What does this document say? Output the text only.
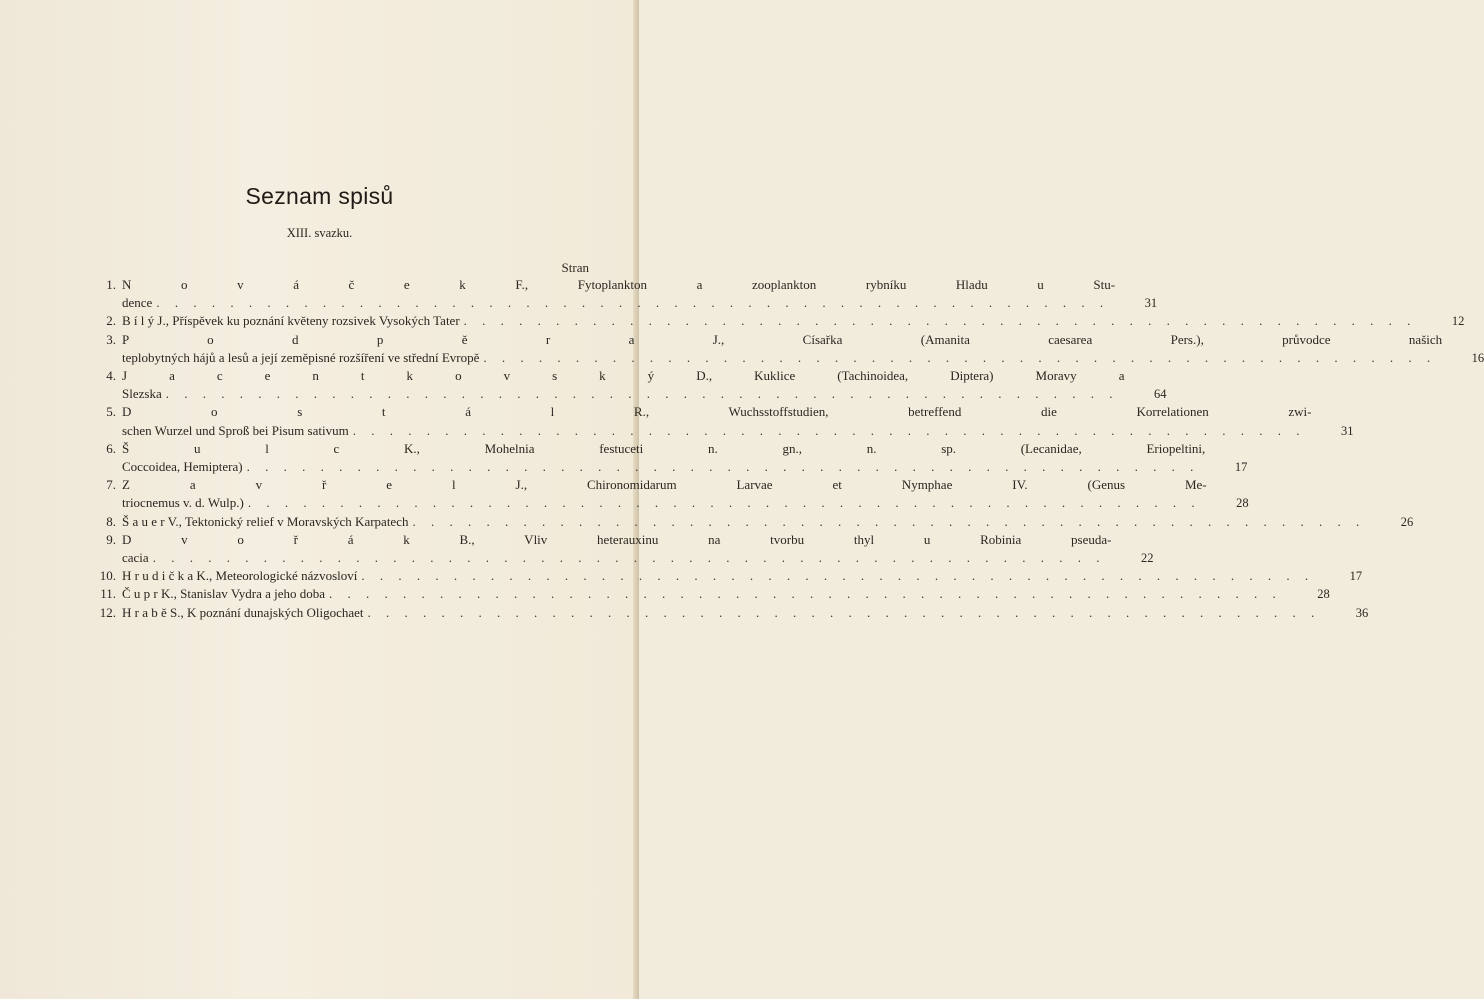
Seznam spisů
XIII. svazku.
Stran
1. N o v á č e k	F., Fytoplankton a zooplankton rybníku Hladu u Stu-
dence . . . . . . . . . . . . . . . . . . . . . . . . . . . . . . . . . . . . . . . . . . . . . . . . . . . .	31
2. B í l ý J., Příspěvek ku poznání květeny rozsivek Vysokých Tater . . . . . . . . . . . . . . . . . . . . . . . . . . . . . . . . . . . . . . . . . . . . . . . . . . . .	12
3. P o d p ě r a	J., Císařka (Amanita caesarea Pers.), průvodce našich
teplobytných hájů a lesů a její zeměpisné rozšíření ve střední Evropě . . . . . . . . . . . . . . . . . . . . . . . . . . . . . . . . . . . . . . . . . . . . . . . . . . . .	16
4. J a c e n t k o v s k ý	D., Kuklice (Tachinoidea, Diptera) Moravy a
Slezska . . . . . . . . . . . . . . . . . . . . . . . . . . . . . . . . . . . . . . . . . . . . . . . . . . . .	64
5. D o s t á l	R., Wuchsstoffstudien, betreffend die Korrelationen zwi-
schen Wurzel und Sproß bei Pisum sativum . . . . . . . . . . . . . . . . . . . . . . . . . . . . . . . . . . . . . . . . . . . . . . . . . . . .	31
6. Š u l c	K., Mohelnia festuceti n. gn., n. sp. (Lecanidae, Eriopeltini,
Coccoidea, Hemiptera) . . . . . . . . . . . . . . . . . . . . . . . . . . . . . . . . . . . . . . . . . . . . . . . . . . . .	17
7. Z a v ř e l	J., Chironomidarum Larvae et Nymphae IV. (Genus Me-
triocnemus v. d. Wulp.) . . . . . . . . . . . . . . . . . . . . . . . . . . . . . . . . . . . . . . . . . . . . . . . . . . . .	28
8. Š a u e r V., Tektonický relief v Moravských Karpatech . . . . . . . . . . . . . . . . . . . . . . . . . . . . . . . . . . . . . . . . . . . . . . . . . . . .	26
9. D v o ř á k	B., Vliv heterauxinu na tvorbu thyl u Robinia pseuda-
cacia . . . . . . . . . . . . . . . . . . . . . . . . . . . . . . . . . . . . . . . . . . . . . . . . . . . .	22
10. H r u d i č k a K., Meteorologické názvosloví . . . . . . . . . . . . . . . . . . . . . . . . . . . . . . . . . . . . . . . . . . . . . . . . . . . .	17
11. Č u p r K., Stanislav Vydra a jeho doba . . . . . . . . . . . . . . . . . . . . . . . . . . . . . . . . . . . . . . . . . . . . . . . . . . . .	28
12. H r a b ě S., K poznání dunajských Oligochaet . . . . . . . . . . . . . . . . . . . . . . . . . . . . . . . . . . . . . . . . . . . . . . . . . . . .	36
